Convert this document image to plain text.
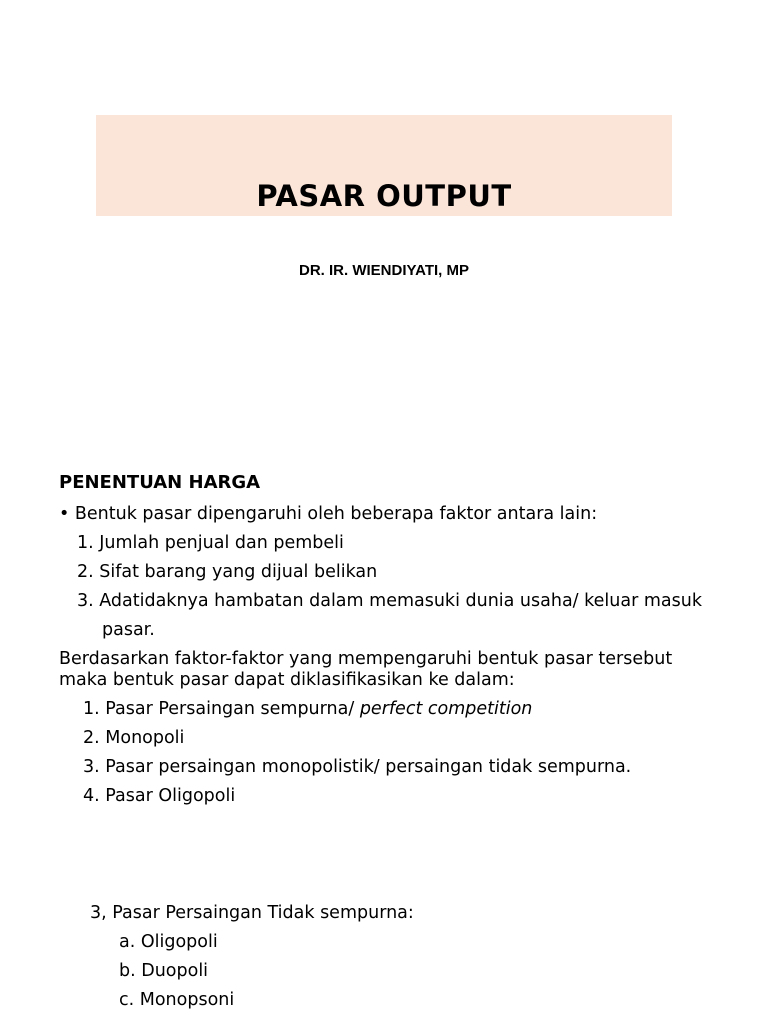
PASAR OUTPUT
DR. IR. WIENDIYATI, MP

PENENTUAN HARGA

• Bentuk pasar dipengaruhi oleh beberapa faktor antara lain:

1. Jumlah penjual dan pembeli

2. Sifat barang yang dijual belikan

3. Adatidaknya hambatan dalam memasuki dunia usaha/ keluar masuk

pasar.

Berdasarkan faktor-faktor yang mempengaruhi bentuk pasar tersebut maka bentuk pasar dapat diklasifikasikan ke dalam:

1. Pasar Persaingan sempurna/ perfect competition

2. Monopoli

3. Pasar persaingan monopolistik/ persaingan tidak sempurna.

4. Pasar Oligopoli

3, Pasar Persaingan Tidak sempurna:

a. Oligopoli

b. Duopoli

c. Monopsoni
